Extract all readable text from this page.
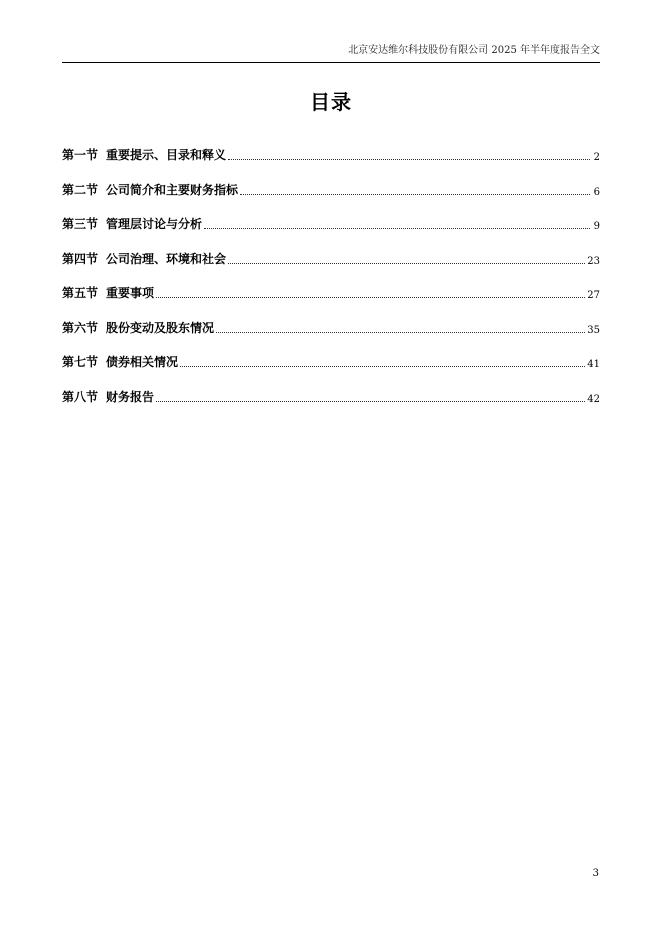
北京安达维尔科技股份有限公司 2025 年半年度报告全文
目录
第一节 重要提示、目录和释义	2
第二节 公司简介和主要财务指标	6
第三节 管理层讨论与分析	9
第四节 公司治理、环境和社会	23
第五节 重要事项	27
第六节 股份变动及股东情况	35
第七节 债券相关情况	41
第八节 财务报告	42
3
